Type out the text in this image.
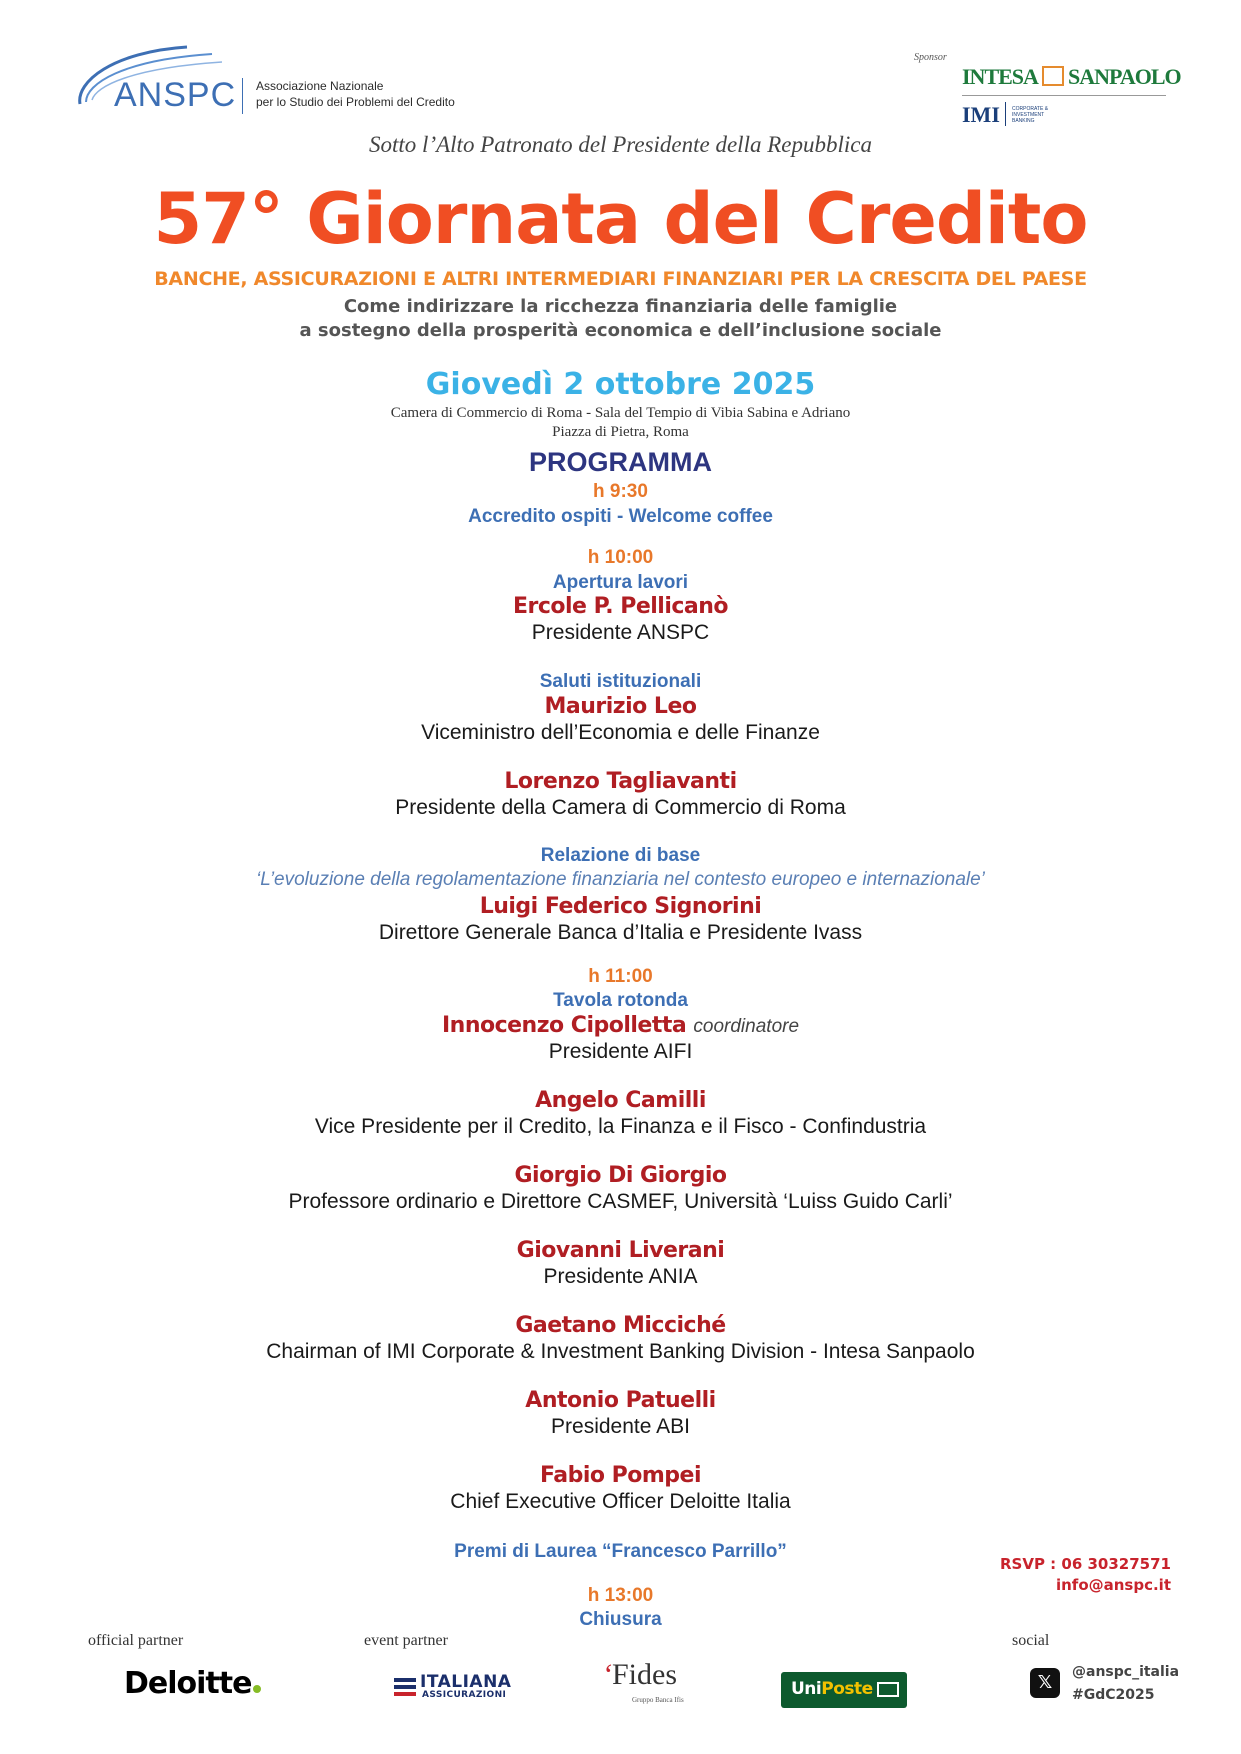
ANSPC Associazione Nazionale
per lo Studio dei Problemi del Credito
Sponsor
INTESA SANPAOLO
IMI CORPORATE &
INVESTMENT
BANKING
Sotto l’Alto Patronato del Presidente della Repubblica
57° Giornata del Credito
BANCHE, ASSICURAZIONI E ALTRI INTERMEDIARI FINANZIARI PER LA CRESCITA DEL PAESE
Come indirizzare la ricchezza finanziaria delle famiglie
a sostegno della prosperità economica e dell’inclusione sociale
Giovedì 2 ottobre 2025
Camera di Commercio di Roma - Sala del Tempio di Vibia Sabina e Adriano
Piazza di Pietra, Roma
PROGRAMMA
h 9:30
Accredito ospiti - Welcome coffee
h 10:00
Apertura lavori
Ercole P. Pellicanò
Presidente ANSPC
Saluti istituzionali
Maurizio Leo
Viceministro dell’Economia e delle Finanze
Lorenzo Tagliavanti
Presidente della Camera di Commercio di Roma
Relazione di base
‘L’evoluzione della regolamentazione finanziaria nel contesto europeo e internazionale’
Luigi Federico Signorini
Direttore Generale Banca d’Italia e Presidente Ivass
h 11:00
Tavola rotonda
Innocenzo Cipolletta coordinatore
Presidente AIFI
Angelo Camilli
Vice Presidente per il Credito, la Finanza e il Fisco - Confindustria
Giorgio Di Giorgio
Professore ordinario e Direttore CASMEF, Università ‘Luiss Guido Carli’
Giovanni Liverani
Presidente ANIA
Gaetano Micciché
Chairman of IMI Corporate & Investment Banking Division - Intesa Sanpaolo
Antonio Patuelli
Presidente ABI
Fabio Pompei
Chief Executive Officer Deloitte Italia
Premi di Laurea “Francesco Parrillo”
h 13:00
Chiusura
RSVP : 06 30327571
info@anspc.it
official partner	event partner	social
Deloitte	ITALIANA
ASSICURAZIONI
‘ Fides
Gruppo Banca Ifis
UniPoste	𝕏	@anspc_italia
#GdC2025
